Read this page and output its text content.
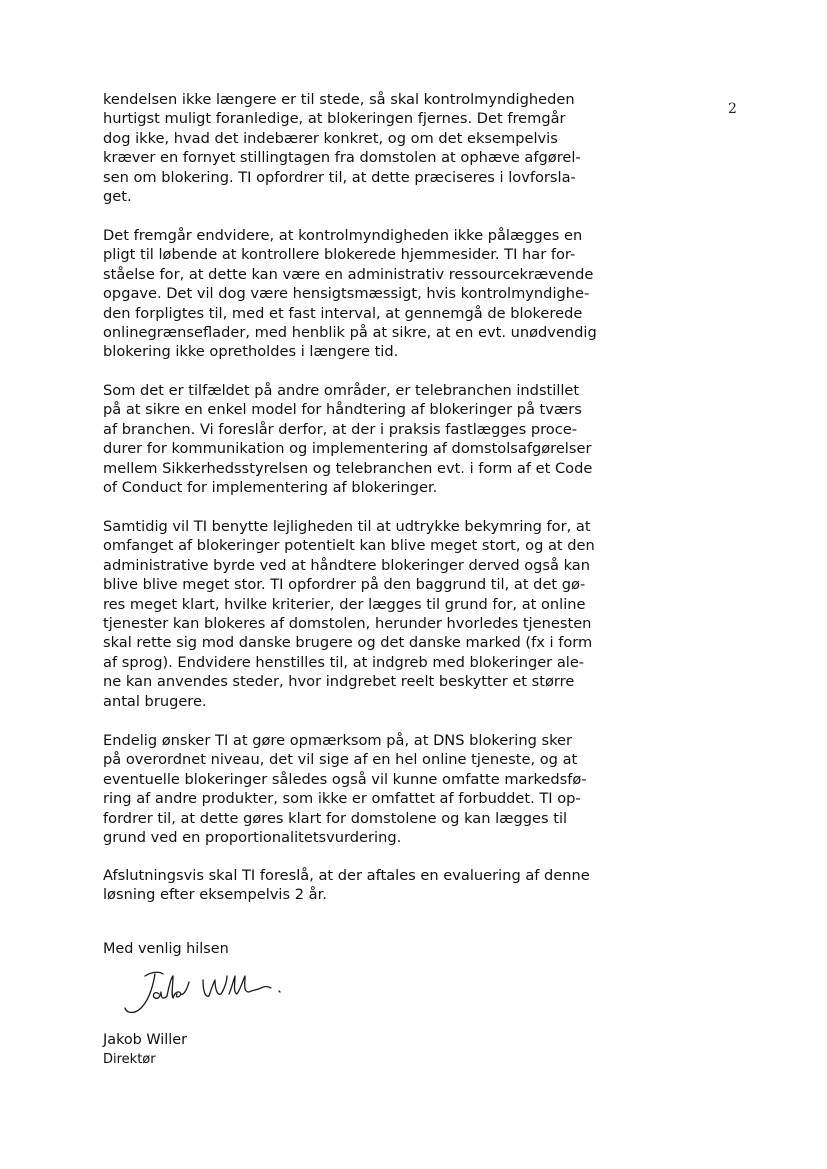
2
kendelsen ikke længere er til stede, så skal kontrolmyndigheden
hurtigst muligt foranledige, at blokeringen fjernes. Det fremgår
dog ikke, hvad det indebærer konkret, og om det eksempelvis
kræver en fornyet stillingtagen fra domstolen at ophæve afgørel-
sen om blokering. TI opfordrer til, at dette præciseres i lovforsla-
get.
Det fremgår endvidere, at kontrolmyndigheden ikke pålægges en
pligt til løbende at kontrollere blokerede hjemmesider. TI har for-
ståelse for, at dette kan være en administrativ ressourcekrævende
opgave. Det vil dog være hensigtsmæssigt, hvis kontrolmyndighe-
den forpligtes til, med et fast interval, at gennemgå de blokerede
onlinegrænseflader, med henblik på at sikre, at en evt. unødvendig
blokering ikke opretholdes i længere tid.
Som det er tilfældet på andre områder, er telebranchen indstillet
på at sikre en enkel model for håndtering af blokeringer på tværs
af branchen. Vi foreslår derfor, at der i praksis fastlægges proce-
durer for kommunikation og implementering af domstolsafgørelser
mellem Sikkerhedsstyrelsen og telebranchen evt. i form af et Code
of Conduct for implementering af blokeringer.
Samtidig vil TI benytte lejligheden til at udtrykke bekymring for, at
omfanget af blokeringer potentielt kan blive meget stort, og at den
administrative byrde ved at håndtere blokeringer derved også kan
blive blive meget stor. TI opfordrer på den baggrund til, at det gø-
res meget klart, hvilke kriterier, der lægges til grund for, at online
tjenester kan blokeres af domstolen, herunder hvorledes tjenesten
skal rette sig mod danske brugere og det danske marked (fx i form
af sprog). Endvidere henstilles til, at indgreb med blokeringer ale-
ne kan anvendes steder, hvor indgrebet reelt beskytter et større
antal brugere.
Endelig ønsker TI at gøre opmærksom på, at DNS blokering sker
på overordnet niveau, det vil sige af en hel online tjeneste, og at
eventuelle blokeringer således også vil kunne omfatte markedsfø-
ring af andre produkter, som ikke er omfattet af forbuddet. TI op-
fordrer til, at dette gøres klart for domstolene og kan lægges til
grund ved en proportionalitetsvurdering.
Afslutningsvis skal TI foreslå, at der aftales en evaluering af denne
løsning efter eksempelvis 2 år.
Med venlig hilsen
Jakob Willer
Direktør
